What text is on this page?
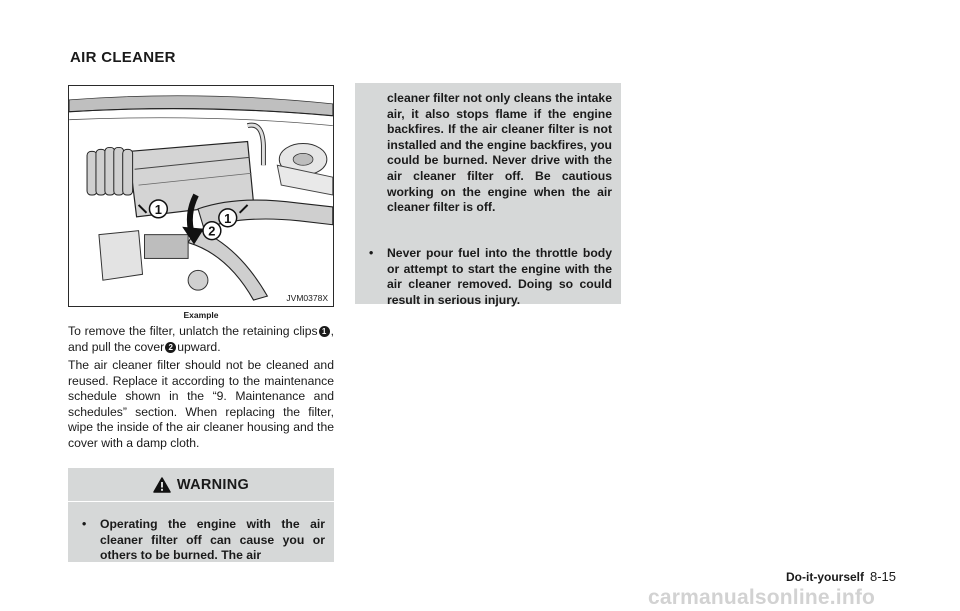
AIR CLEANER
1
2
1
JVM0378X
Example

To remove the filter, unlatch the retaining clips 1 , and pull the cover 2 upward.

The air cleaner filter should not be cleaned and reused. Replace it according to the maintenance schedule shown in the “9. Maintenance and schedules” section. When replacing the filter, wipe the inside of the air cleaner housing and the cover with a damp cloth.

WARNING
• Operating the engine with the air cleaner filter off can cause you or others to be burned. The air

cleaner filter not only cleans the intake air, it also stops flame if the engine backfires. If the air cleaner filter is not installed and the engine backfires, you could be burned. Never drive with the air cleaner filter off. Be cautious working on the engine when the air cleaner filter is off.

• Never pour fuel into the throttle body or attempt to start the engine with the air cleaner removed. Doing so could result in serious injury.
Do-it-yourself 8-15
carmanualsonline.info
